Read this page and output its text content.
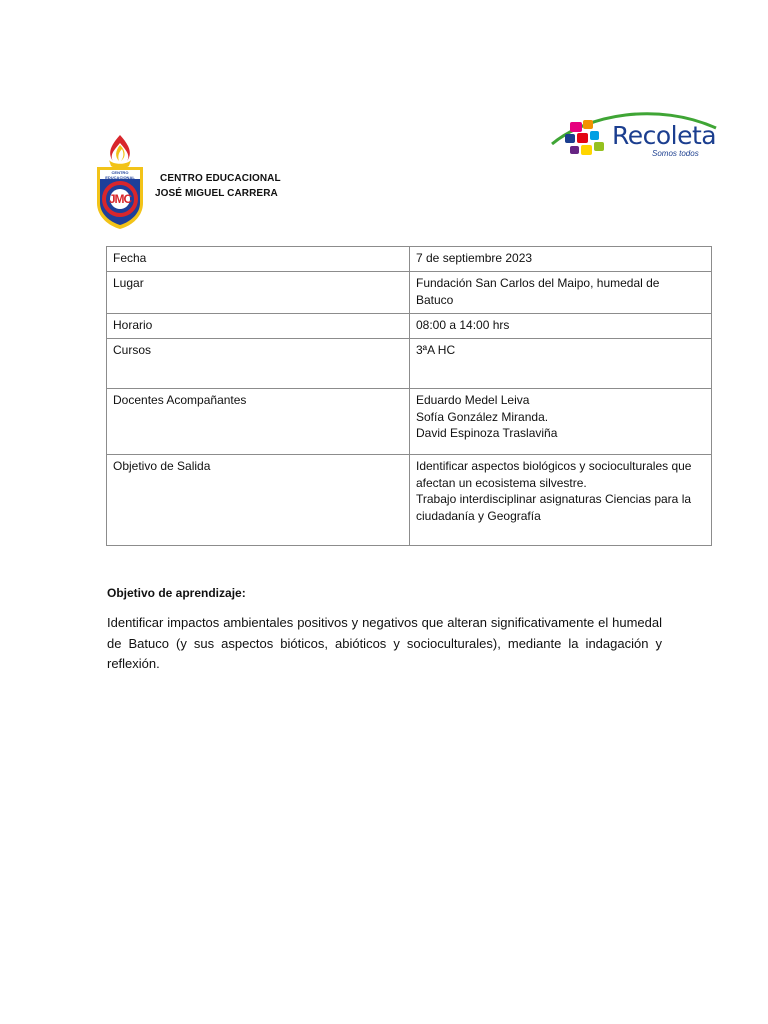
CENTRO EDUCACIONAL
JMC
CENTRO EDUCACIONAL
JOSÉ MIGUEL CARRERA
Recoleta
Somos todos
Fecha	7 de septiembre 2023

Lugar	Fundación San Carlos del Maipo, humedal de
Batuco

Horario	08:00 a 14:00 hrs

Cursos	3ªA HC

Docentes Acompañantes	Eduardo Medel Leiva
Sofía González Miranda.
David Espinoza Traslaviña

Objetivo de Salida	Identificar aspectos biológicos y socioculturales que
afectan un ecosistema silvestre.
Trabajo interdisciplinar asignaturas Ciencias para la
ciudadanía y Geografía
Objetivo de aprendizaje:
Identificar impactos ambientales positivos y negativos que alteran significativamente el humedal de Batuco (y sus aspectos bióticos, abióticos y socioculturales), mediante la indagación y reflexión.
